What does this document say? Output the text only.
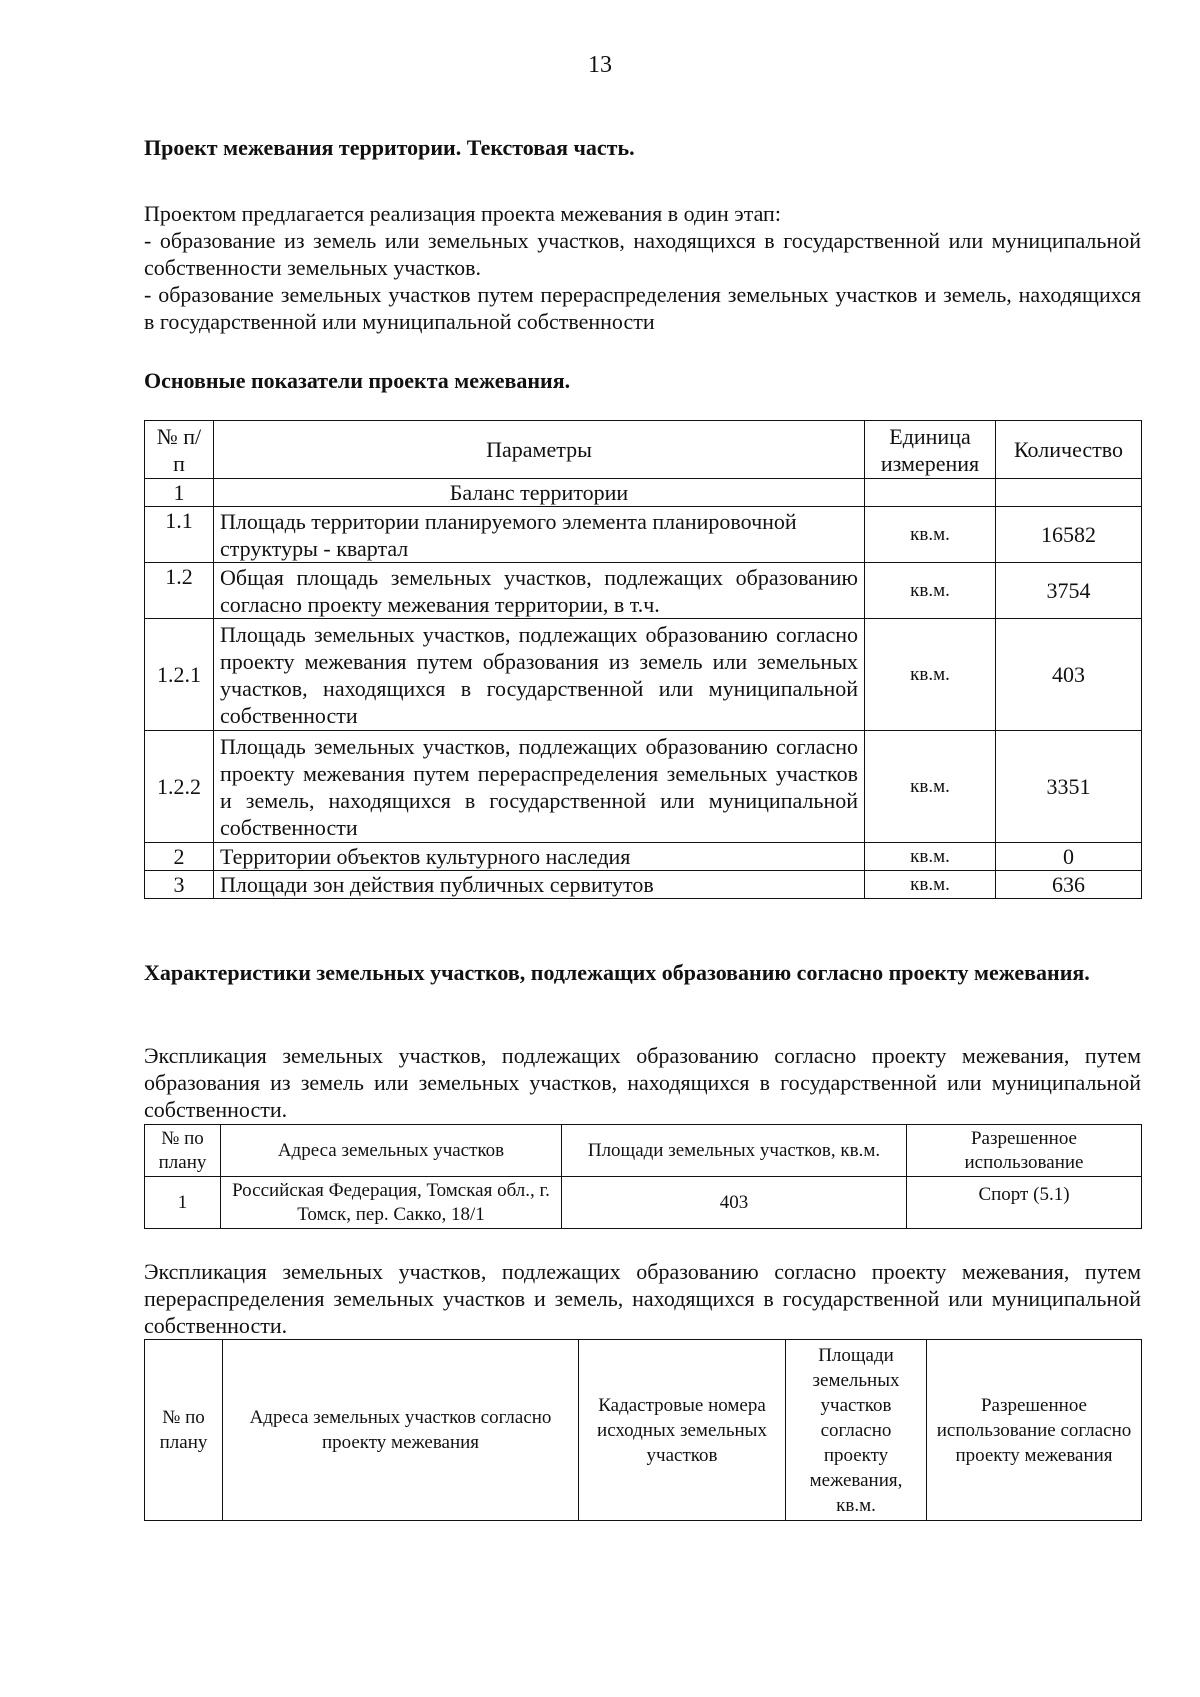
13
Проект межевания территории. Текстовая часть.
Проектом предлагается реализация проекта межевания в один этап:
- образование из земель или земельных участков, находящихся в государственной или муниципальной собственности земельных участков.
- образование земельных участков путем перераспределения земельных участков и земель, находящихся в государственной или муниципальной собственности
Основные показатели проекта межевания.
№ п/п	Параметры	Единица измерения	Количество
1	Баланс территории		
1.1	Площадь территории планируемого элемента планировочной структуры - квартал	кв.м.	16582
1.2	Общая площадь земельных участков, подлежащих образованию согласно проекту межевания территории, в т.ч.	кв.м.	3754
1.2.1	Площадь земельных участков, подлежащих образованию согласно проекту межевания путем образования из земель или земельных участков, находящихся в государственной или муниципальной собственности	кв.м.	403
1.2.2	Площадь земельных участков, подлежащих образованию согласно проекту межевания путем перераспределения земельных участков и земель, находящихся в государственной или муниципальной собственности	кв.м.	3351
2	Территории объектов культурного наследия	кв.м.	0
3	Площади зон действия публичных сервитутов	кв.м.	636
Характеристики земельных участков, подлежащих образованию согласно проекту межевания.
Экспликация земельных участков, подлежащих образованию согласно проекту межевания, путем образования из земель или земельных участков, находящихся в государственной или муниципальной собственности.
№ по плану	Адреса земельных участков	Площади земельных участков, кв.м.	Разрешенное использование
1	Российская Федерация, Томская обл., г. Томск, пер. Сакко, 18/1	403	Спорт (5.1)
Экспликация земельных участков, подлежащих образованию согласно проекту межевания, путем перераспределения земельных участков и земель, находящихся в государственной или муниципальной собственности.
№ по плану	Адреса земельных участков согласно проекту межевания	Кадастровые номера исходных земельных участков	Площади земельных участков согласно проекту межевания, кв.м.	Разрешенное использование согласно проекту межевания
